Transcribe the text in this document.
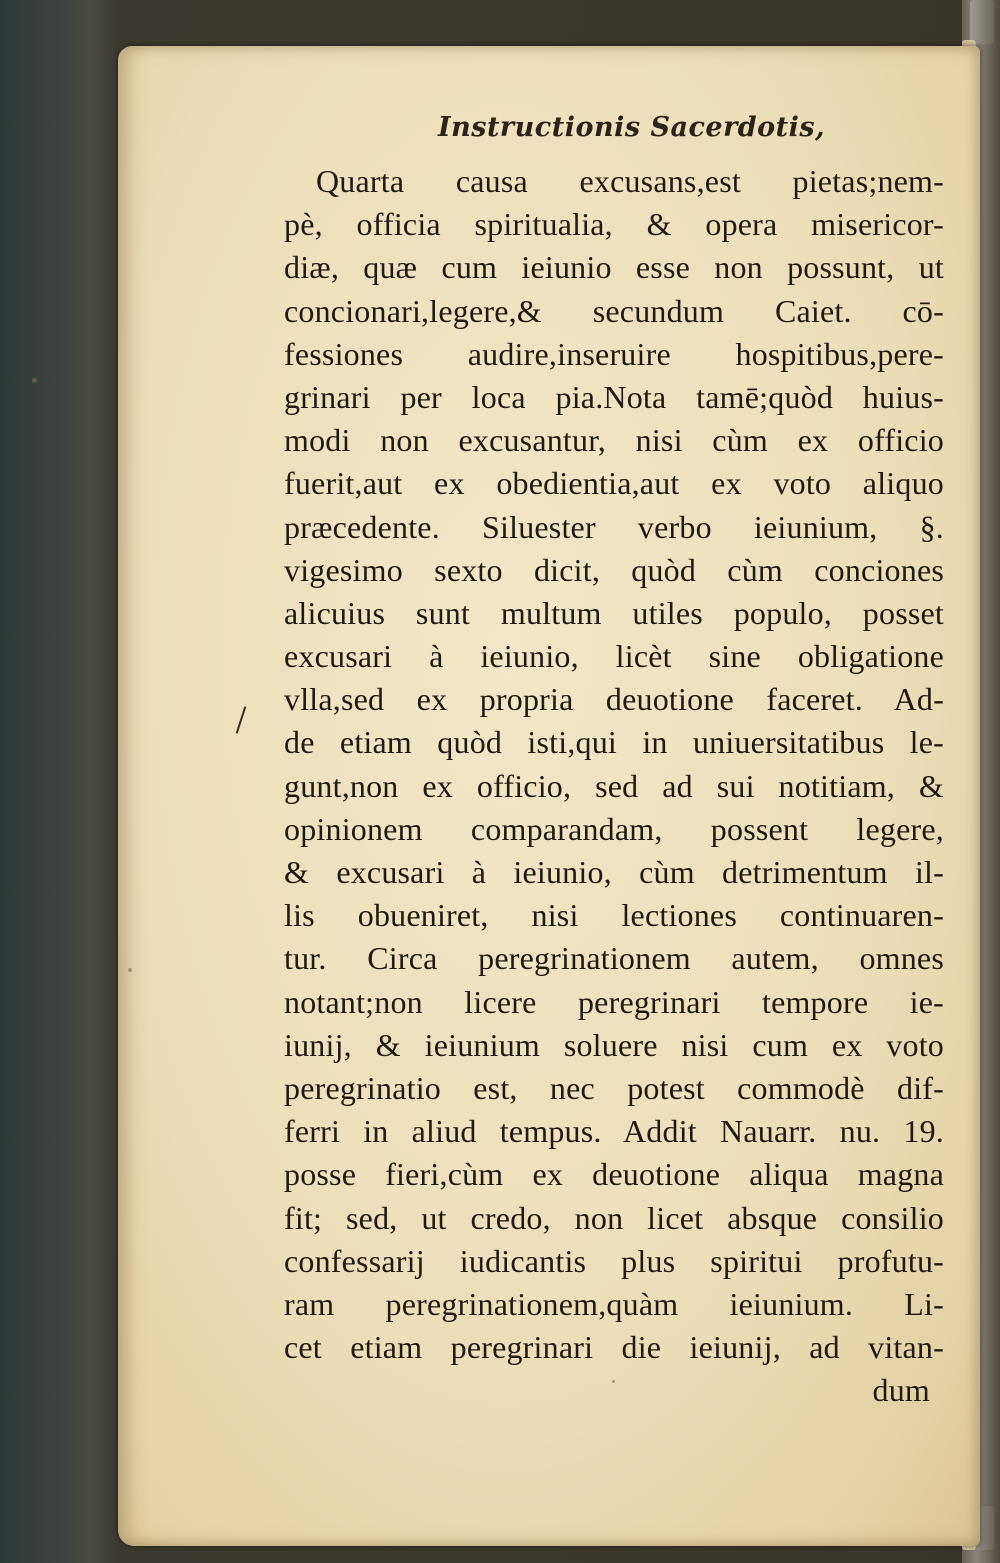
Instructionis Sacerdotis,
Quarta causa excusans,est pietas;nem-
pè, officia spiritualia, & opera misericor-
diæ, quæ cum ieiunio esse non possunt, ut
concionari,legere,& secundum Caiet. cō-
fessiones audire,inseruire hospitibus,pere-
grinari per loca pia.Nota tamē;quòd huius-
modi non excusantur, nisi cùm ex officio
fuerit,aut ex obedientia,aut ex voto aliquo
præcedente. Siluester verbo ieiunium, §.
vigesimo sexto dicit, quòd cùm conciones
alicuius sunt multum utiles populo, posset
excusari à ieiunio, licèt sine obligatione
vlla,sed ex propria deuotione faceret. Ad-
de etiam quòd isti,qui in uniuersitatibus le-
gunt,non ex officio, sed ad sui notitiam, &
opinionem comparandam, possent legere,
& excusari à ieiunio, cùm detrimentum il-
lis obueniret, nisi lectiones continuaren-
tur. Circa peregrinationem autem, omnes
notant;non licere peregrinari tempore ie-
iunij, & ieiunium soluere nisi cum ex voto
peregrinatio est, nec potest commodè dif-
ferri in aliud tempus. Addit Nauarr. nu. 19.
posse fieri,cùm ex deuotione aliqua magna
fit; sed, ut credo, non licet absque consilio
confessarij iudicantis plus spiritui profutu-
ram peregrinationem,quàm ieiunium. Li-
cet etiam peregrinari die ieiunij, ad vitan-
dum
